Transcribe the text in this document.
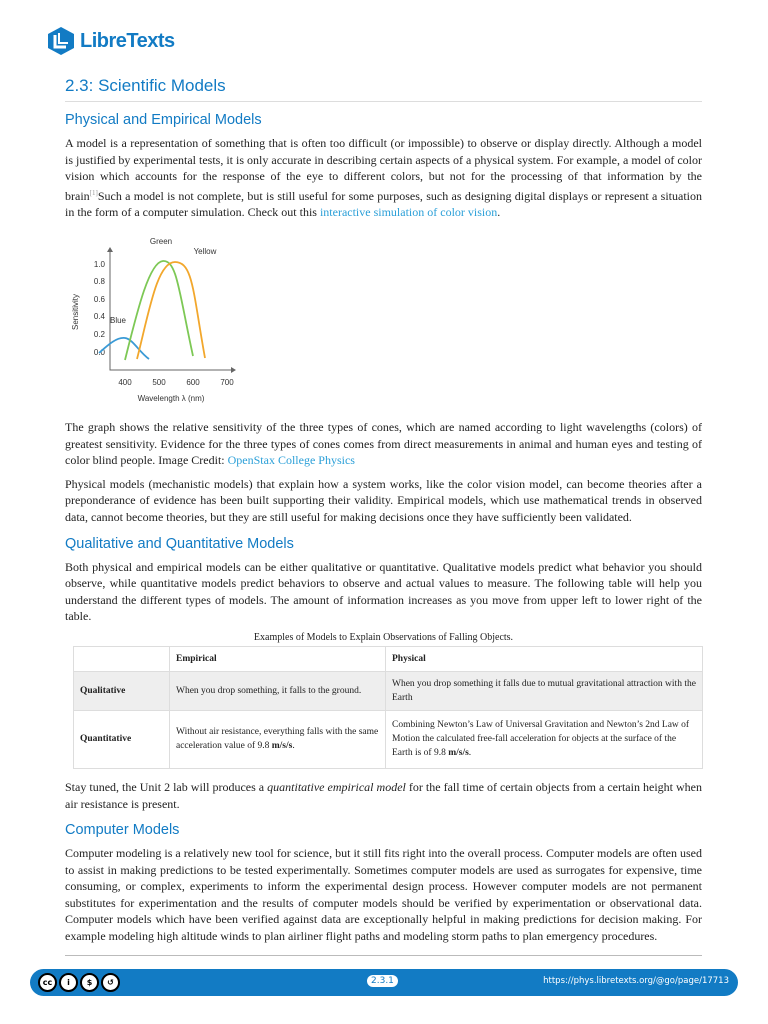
LibreTexts
2.3: Scientific Models
Physical and Empirical Models

A model is a representation of something that is often too difficult (or impossible) to observe or display directly. Although a model is justified by experimental tests, it is only accurate in describing certain aspects of a physical system. For example, a model of color vision which accounts for the response of the eye to different colors, but not for the processing of that information by the brain[1]Such a model is not complete, but is still useful for some purposes, such as designing digital displays or represent a situation in the form of a computer simulation. Check out this interactive simulation of color vision.

1.0
0.8
0.6
0.4
0.2
0.0
400	500	600	700
Wavelength λ (nm)
Sensitivity
Green
Yellow
Blue

The graph shows the relative sensitivity of the three types of cones, which are named according to light wavelengths (colors) of greatest sensitivity. Evidence for the three types of cones comes from direct measurements in animal and human eyes and testing of color blind people. Image Credit: OpenStax College Physics

Physical models (mechanistic models) that explain how a system works, like the color vision model, can become theories after a preponderance of evidence has been built supporting their validity. Empirical models, which use mathematical trends in observed data, cannot become theories, but they are still useful for making decisions once they have sufficiently been validated.

Qualitative and Quantitative Models

Both physical and empirical models can be either qualitative or quantitative. Qualitative models predict what behavior you should observe, while quantitative models predict behaviors to observe and actual values to measure. The following table will help you understand the different types of models. The amount of information increases as you move from upper left to lower right of the table.

Examples of Models to Explain Observations of Falling Objects.
	Empirical	Physical
Qualitative	When you drop something, it falls to the ground.	When you drop something it falls due to mutual gravitational attraction with the Earth
Quantitative	Without air resistance, everything falls with the same acceleration value of 9.8 m/s/s.	Combining Newton’s Law of Universal Gravitation and Newton’s 2nd Law of Motion the calculated free-fall acceleration for objects at the surface of the Earth is of 9.8 m/s/s.

Stay tuned, the Unit 2 lab will produces a quantitative empirical model for the fall time of certain objects from a certain height when air resistance is present.

Computer Models

Computer modeling is a relatively new tool for science, but it still fits right into the overall process. Computer models are often used to assist in making predictions to be tested experimentally. Sometimes computer models are used as surrogates for expensive, time consuming, or complex, experiments to inform the experimental design process. However computer models are not permanent substitutes for experimentation and the results of computer models should be verified by experimentation or observational data. Computer models which have been verified against data are exceptionally helpful in making predictions for decision making. For example modeling high altitude winds to plan airliner flight paths and modeling storm paths to plan emergency procedures.

cc	i	$	↺	2.3.1	https://phys.libretexts.org/@go/page/17713
